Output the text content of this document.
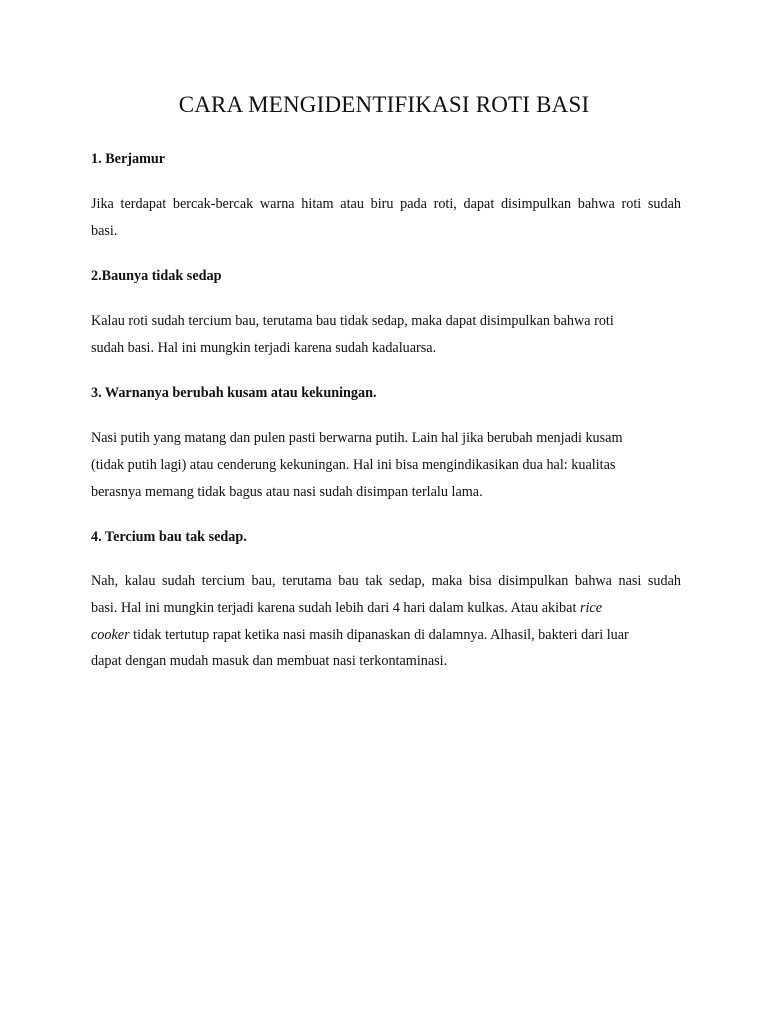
CARA MENGIDENTIFIKASI ROTI BASI
1. Berjamur

Jika terdapat bercak-bercak warna hitam atau biru pada roti, dapat disimpulkan bahwa roti sudah
basi.

2.Baunya tidak sedap

Kalau roti sudah tercium bau, terutama bau tidak sedap, maka dapat disimpulkan bahwa roti
sudah basi. Hal ini mungkin terjadi karena sudah kadaluarsa.

3. Warnanya berubah kusam atau kekuningan.

Nasi putih yang matang dan pulen pasti berwarna putih. Lain hal jika berubah menjadi kusam
(tidak putih lagi) atau cenderung kekuningan. Hal ini bisa mengindikasikan dua hal: kualitas
berasnya memang tidak bagus atau nasi sudah disimpan terlalu lama.

4. Tercium bau tak sedap.

Nah, kalau sudah tercium bau, terutama bau tak sedap, maka bisa disimpulkan bahwa nasi sudah
basi. Hal ini mungkin terjadi karena sudah lebih dari 4 hari dalam kulkas. Atau akibat rice
cooker tidak tertutup rapat ketika nasi masih dipanaskan di dalamnya. Alhasil, bakteri dari luar
dapat dengan mudah masuk dan membuat nasi terkontaminasi.
